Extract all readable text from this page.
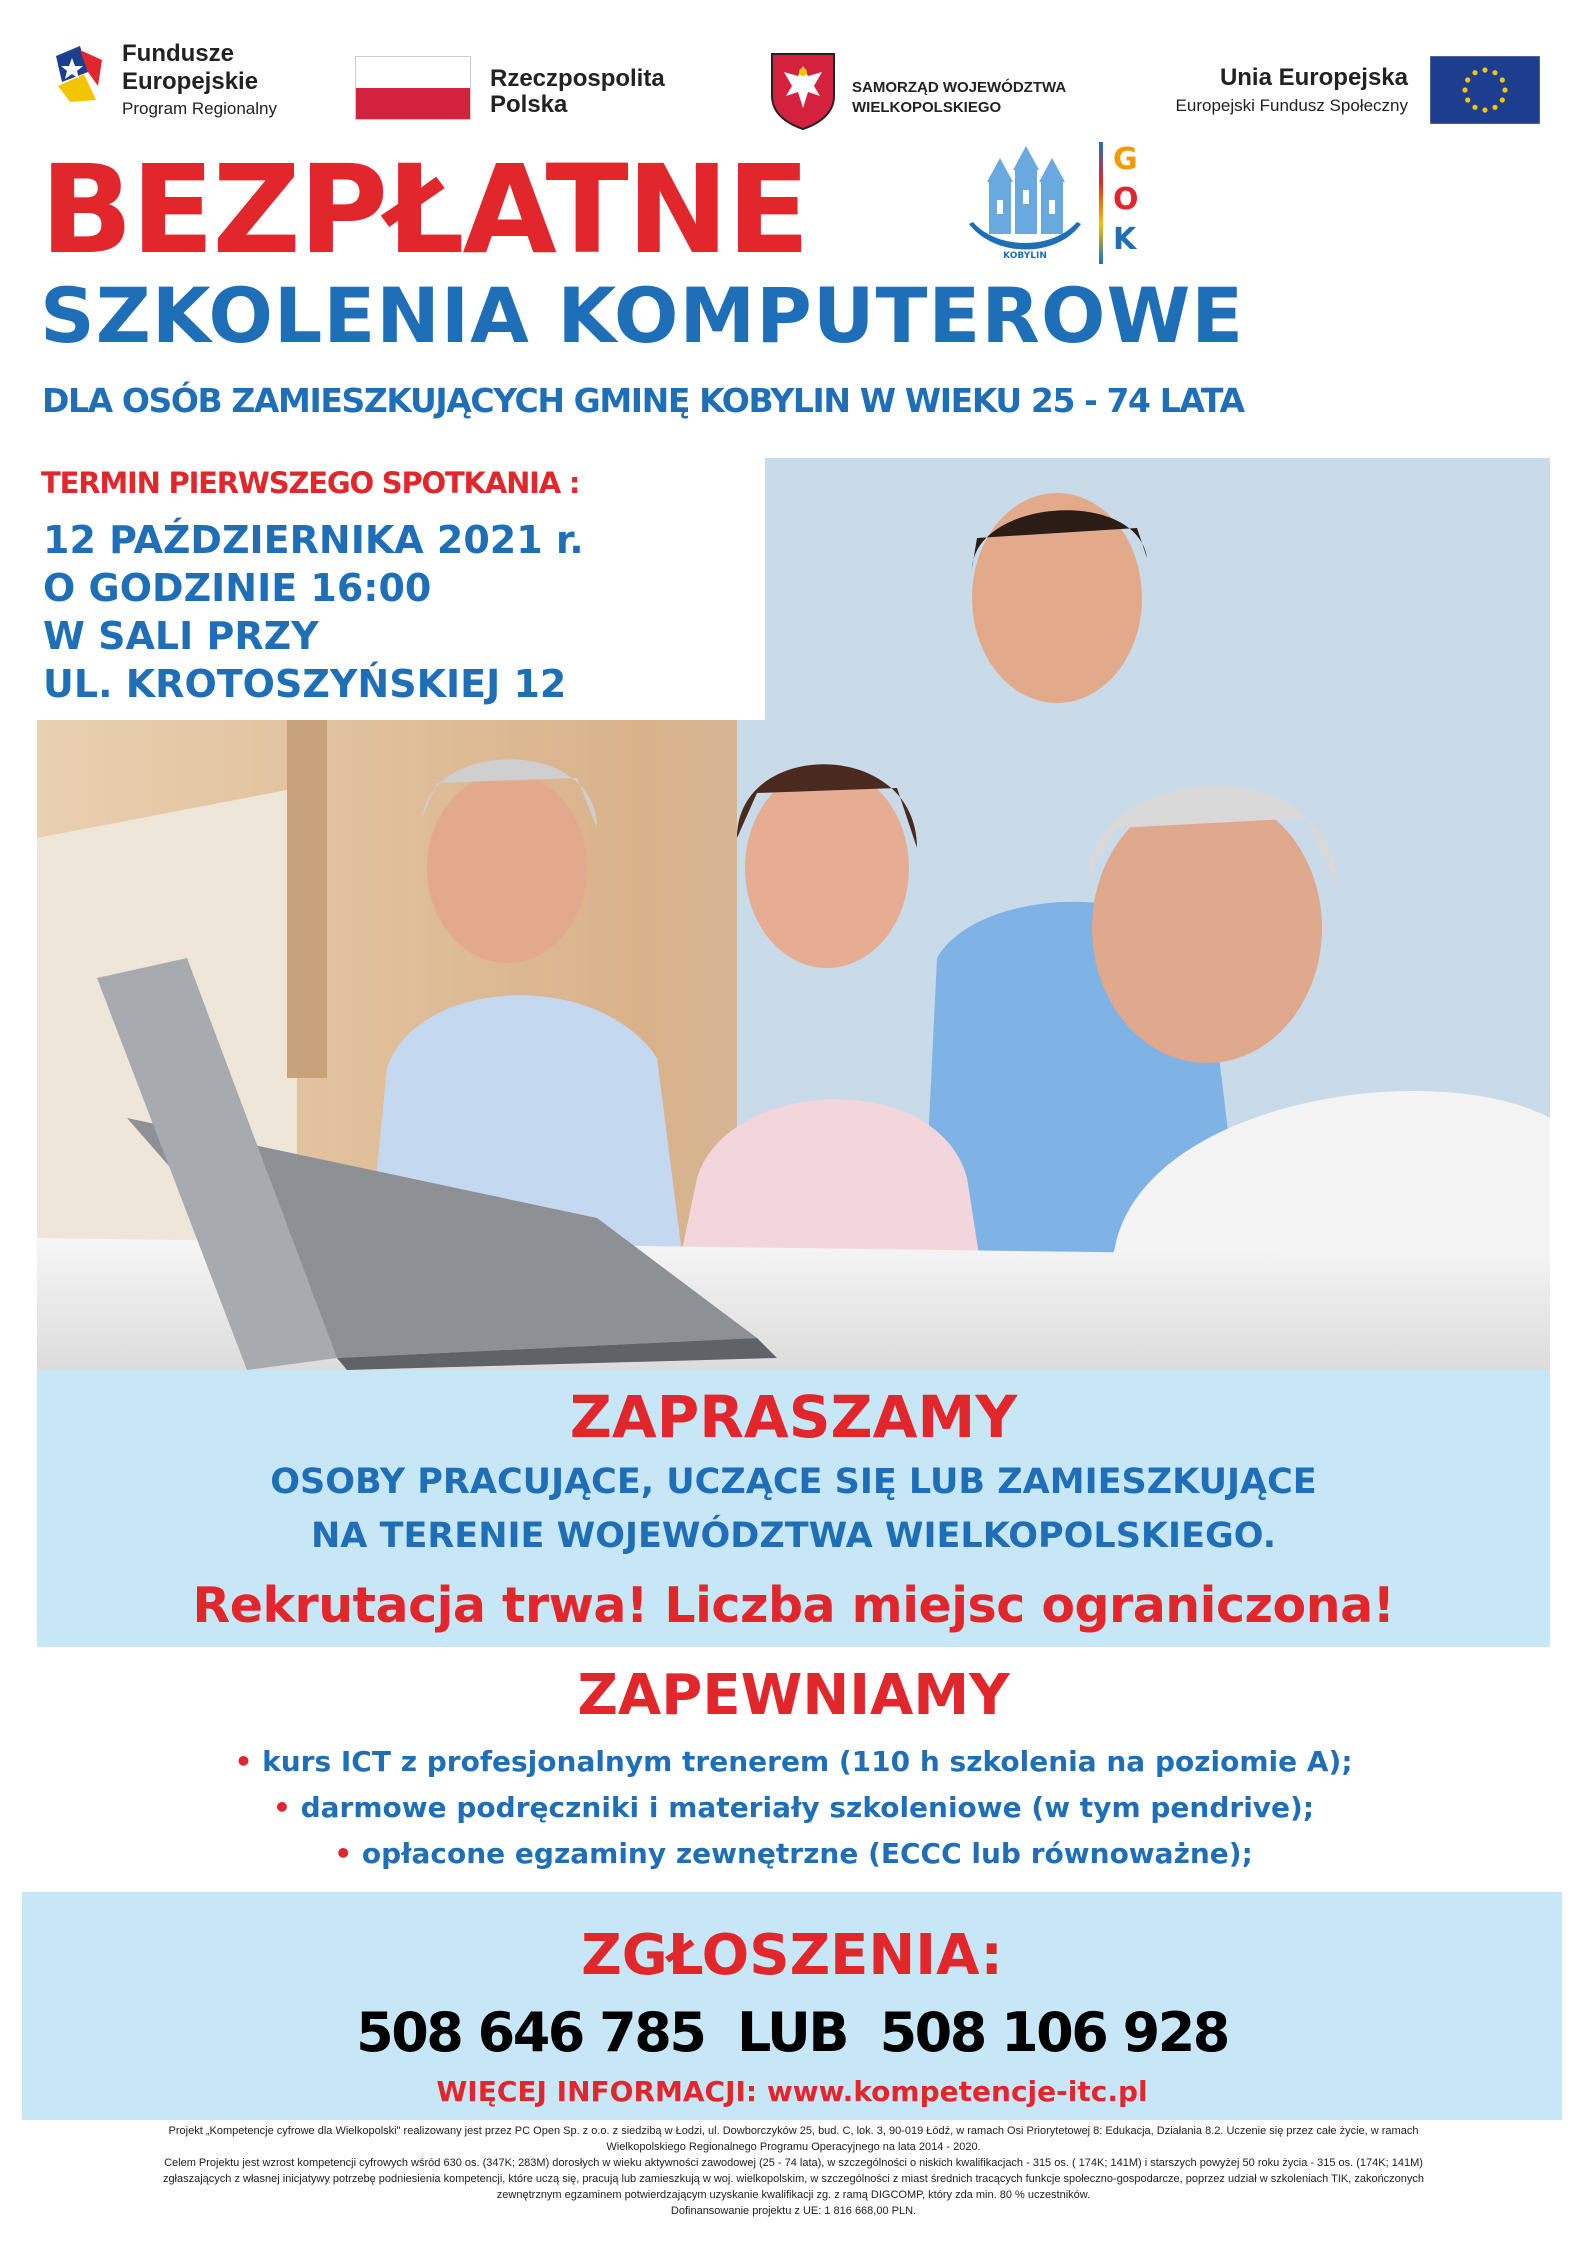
Fundusze
Europejskie
Program Regionalny
Rzeczpospolita
Polska
SAMORZĄD WOJEWÓDZTWA
WIELKOPOLSKIEGO
Unia Europejska
Europejski Fundusz Społeczny
BEZPŁATNE	KOBYLIN
G
O
K
SZKOLENIA KOMPUTEROWE
DLA OSÓB ZAMIESZKUJĄCYCH GMINĘ KOBYLIN W WIEKU 25 - 74 LATA
TERMIN PIERWSZEGO SPOTKANIA :
12 PAŹDZIERNIKA 2021 r.
O GODZINIE 16:00
W SALI PRZY
UL. KROTOSZYŃSKIEJ 12
ZAPRASZAMY
OSOBY PRACUJĄCE, UCZĄCE SIĘ LUB ZAMIESZKUJĄCE
NA TERENIE WOJEWÓDZTWA WIELKOPOLSKIEGO.
Rekrutacja trwa! Liczba miejsc ograniczona!
ZAPEWNIAMY
• kurs ICT z profesjonalnym trenerem (110 h szkolenia na poziomie A);
• darmowe podręczniki i materiały szkoleniowe (w tym pendrive);
• opłacone egzaminy zewnętrzne (ECCC lub równoważne);
ZGŁOSZENIA:
508 646 785  LUB  508 106 928
WIĘCEJ INFORMACJI: www.kompetencje-itc.pl
Projekt „Kompetencje cyfrowe dla Wielkopolski" realizowany jest przez PC Open Sp. z o.o. z siedzibą w Łodzi, ul. Dowborczyków 25, bud. C, lok. 3, 90-019 Łódź, w ramach Osi Priorytetowej 8: Edukacja, Działania 8.2. Uczenie się przez całe życie, w ramach
Wielkopolskiego Regionalnego Programu Operacyjnego na lata 2014 - 2020.
Celem Projektu jest wzrost kompetencji cyfrowych wśród 630 os. (347K; 283M) dorosłych w wieku aktywności zawodowej (25 - 74 lata), w szczególności o niskich kwalifikacjach - 315 os. ( 174K; 141M) i starszych powyżej 50 roku życia - 315 os. (174K; 141M)
zgłaszających z własnej inicjatywy potrzebę podniesienia kompetencji, które uczą się, pracują lub zamieszkują w woj. wielkopolskim, w szczególności z miast średnich tracących funkcje społeczno-gospodarcze, poprzez udział w szkoleniach TIK, zakończonych
zewnętrznym egzaminem potwierdzającym uzyskanie kwalifikacji zg. z ramą DIGCOMP, który zda min. 80 % uczestników.
Dofinansowanie projektu z UE: 1 816 668,00 PLN.
